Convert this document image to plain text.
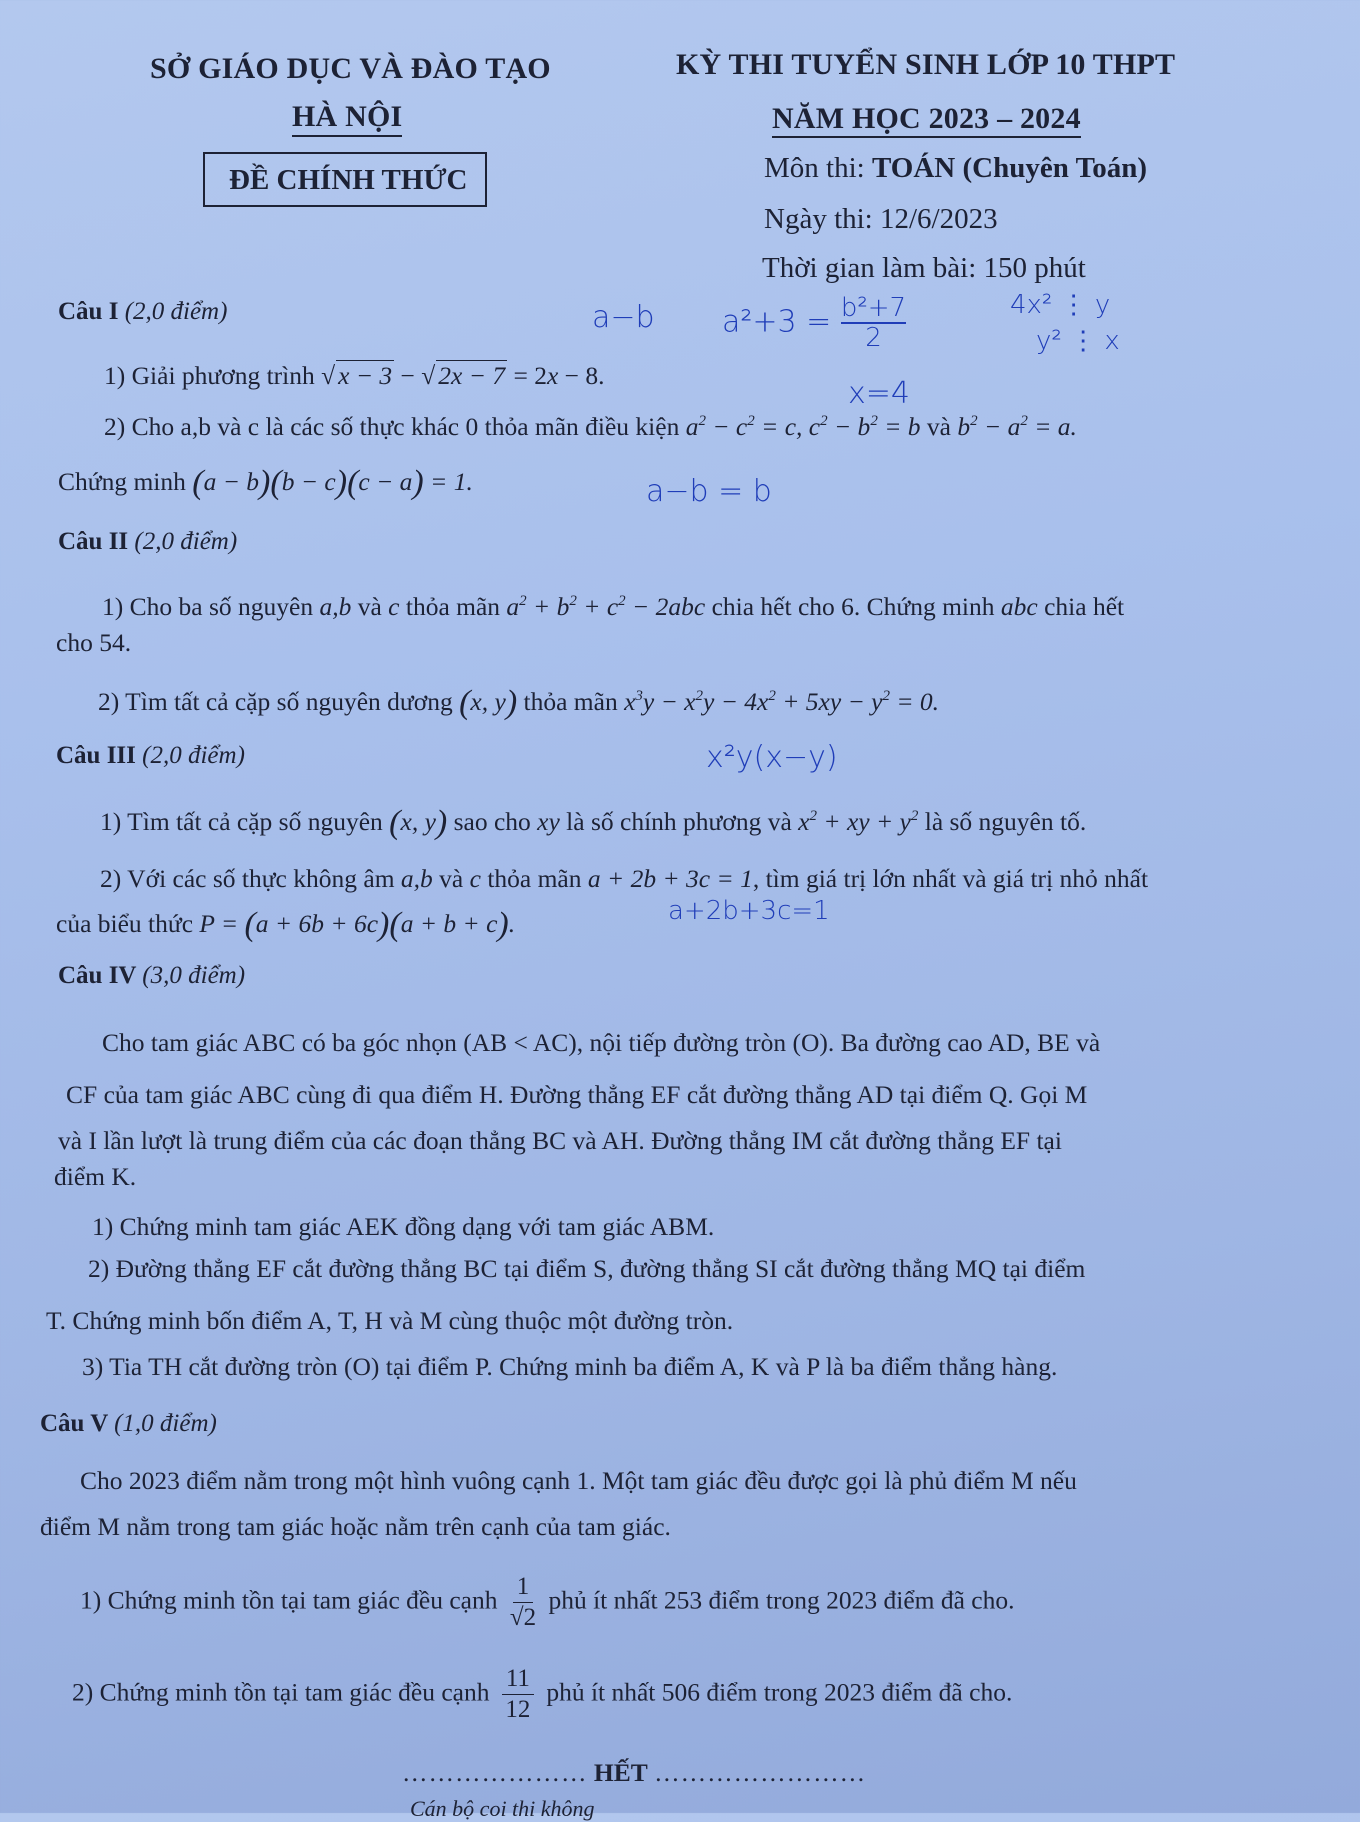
SỞ GIÁO DỤC VÀ ĐÀO TẠO
HÀ NỘI
ĐỀ CHÍNH THỨC
KỲ THI TUYỂN SINH LỚP 10 THPT
NĂM HỌC 2023 – 2024
Môn thi: TOÁN (Chuyên Toán)
Ngày thi: 12/6/2023
Thời gian làm bài: 150 phút
Câu I (2,0 điểm)
1) Giải phương trình √ x − 3 − √ 2x − 7 = 2x − 8.
2) Cho a,b và c là các số thực khác 0 thỏa mãn điều kiện $a^2 - c^2 = c$, $c^2 - b^2 = b$ và $b^2 - a^2 = a$.
Chứng minh (a − b)(b − c)(c − a) = 1.
Câu II (2,0 điểm)
1) Cho ba số nguyên a,b và c thỏa mãn $a^2 + b^2 + c^2 - 2abc$ chia hết cho 6. Chứng minh abc chia hết
cho 54.
2) Tìm tất cả cặp số nguyên dương (x, y) thỏa mãn $x^3y - x^2y - 4x^2 + 5xy - y^2 = 0$.
Câu III (2,0 điểm)
1) Tìm tất cả cặp số nguyên (x, y) sao cho xy là số chính phương và $x^2$ + xy + $y^2$ là số nguyên tố.
2) Với các số thực không âm a,b và c thỏa mãn a + 2b + 3c = 1, tìm giá trị lớn nhất và giá trị nhỏ nhất
của biểu thức P = (a + 6b + 6c)(a + b + c).
Câu IV (3,0 điểm)
Cho tam giác ABC có ba góc nhọn (AB < AC), nội tiếp đường tròn (O). Ba đường cao AD, BE và
CF của tam giác ABC cùng đi qua điểm H. Đường thẳng EF cắt đường thẳng AD tại điểm Q. Gọi M
và I lần lượt là trung điểm của các đoạn thẳng BC và AH. Đường thẳng IM cắt đường thẳng EF tại
điểm K.
1) Chứng minh tam giác AEK đồng dạng với tam giác ABM.
2) Đường thẳng EF cắt đường thẳng BC tại điểm S, đường thẳng SI cắt đường thẳng MQ tại điểm
T. Chứng minh bốn điểm A, T, H và M cùng thuộc một đường tròn.
3) Tia TH cắt đường tròn (O) tại điểm P. Chứng minh ba điểm A, K và P là ba điểm thẳng hàng.
Câu V (1,0 điểm)
Cho 2023 điểm nằm trong một hình vuông cạnh 1. Một tam giác đều được gọi là phủ điểm M nếu
điểm M nằm trong tam giác hoặc nằm trên cạnh của tam giác.
1) Chứng minh tồn tại tam giác đều cạnh $\frac{1}{√2}$ phủ ít nhất 253 điểm trong 2023 điểm đã cho.
2) Chứng minh tồn tại tam giác đều cạnh $\frac{11}{12}$ phủ ít nhất 506 điểm trong 2023 điểm đã cho.
………………… HẾT ……………………
Cán bộ coi thi không
a−b $a^2+3 = \frac{\text{b²+7}}{2}$	4x² ⋮ y
y² ⋮ x
x=4
a−b = b
x²y(x−y)
a+2b+3c=1
